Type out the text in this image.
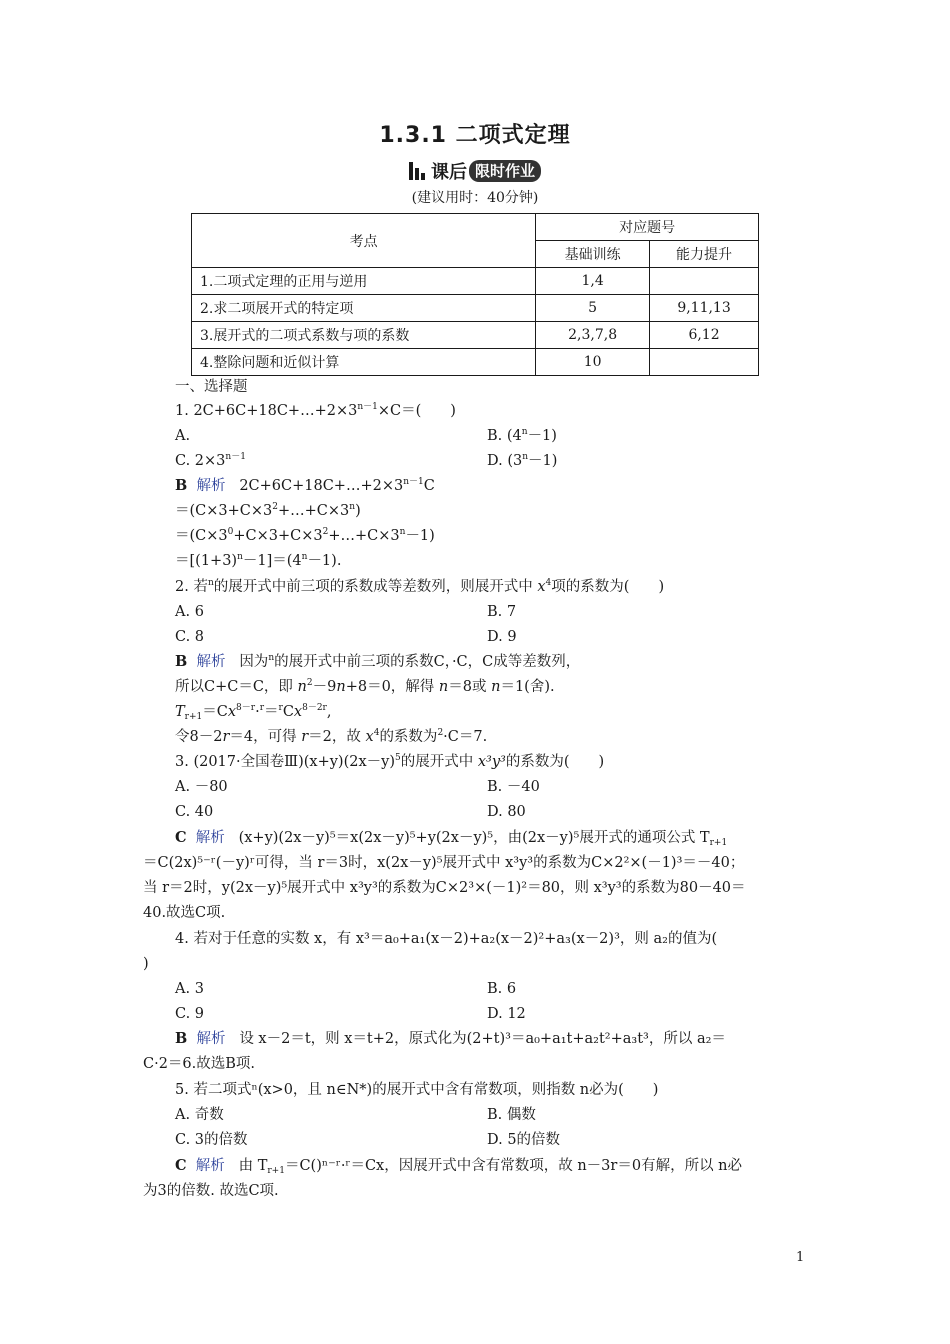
1.3.1 二项式定理
课后 限时作业
(建议用时：40分钟)
考点	对应题号	
	基础训练	能力提升
1.二项式定理的正用与逆用	1,4	
2.求二项展开式的特定项	5	9,11,13
3.展开式的二项式系数与项的系数	2,3,7,8	6,12
4.整除问题和近似计算	10	
一、选择题
1. $2C+6C+18C+\dots+2\times 3^{n-1}\times C=$(　　)
A.	B. $(4^n-1)$
C. $2\times 3^{n-1}$	D. $(3^n-1)$
B 解析 $2C+6C+18C+\dots+2\times 3^{n-1}C$
$=(C\times 3+C\times 3^2+\dots+C\times 3^n)$
$=(C\times 3^0+C\times 3+C\times 3^2+\dots+C\times 3^n-1)$
$=[(1+3)^n-1]=(4^n-1)$.
2. 若$^n$的展开式中前三项的系数成等差数列，则展开式中 $x^4$项的系数为(　　)
A. 6	B. 7
C. 8	D. 9
B 解析 因为$^n$的展开式中前三项的系数C，·C，C成等差数列，
所以C+C＝C，即 $n^2-9n+8=0$，解得 n＝8或 n＝1(舍).
$T_{r+1}=Cx^{8-r}\cdot^r=^rCx^{8-2r}$,
令8－2r＝4，可得 r＝2，故 $x^4$的系数为$^2$·C＝7.
3. (2017·全国卷$Ⅲ)(x+y)(2x-y)^5$的展开式中 x³y³的系数为(　　)
A. －80	B. －40
C. 40	D. 80
C 解析 (x+y)(2x－y)⁵＝x(2x－y)⁵+y(2x－y)⁵，由(2x－y)⁵展开式的通项公式 $T_{r+1}$
＝C(2x)⁵⁻ʳ(－y)ʳ可得，当 r＝3时，x(2x－y)⁵展开式中 x³y³的系数为C×2²×(－1)³＝－40；
当 r＝2时，y(2x－y)⁵展开式中 x³y³的系数为C×2³×(－1)²＝80，则 x³y³的系数为80－40＝
40.故选C项.
4. 若对于任意的实数 x，有 x³＝a₀+a₁(x－2)+a₂(x－2)²+a₃(x－2)³，则 a₂的值为(
)
A. 3	B. 6
C. 9	D. 12
B 解析 设 x－2＝t，则 x＝t+2，原式化为(2+t)³＝a₀+a₁t+a₂t²+a₃t³，所以 a₂＝
C·2＝6.故选B项.
5. 若二项式ⁿ(x>0，且 n∈N*)的展开式中含有常数项，则指数 n必为(　　)
A. 奇数	B. 偶数
C. 3的倍数	D. 5的倍数
C 解析 由 $T_{r+1}=C()^{n-}ʳ\cdot ʳ=Cx$，因展开式中含有常数项，故 n－3r＝0有解，所以 n必
为3的倍数. 故选C项.
1
